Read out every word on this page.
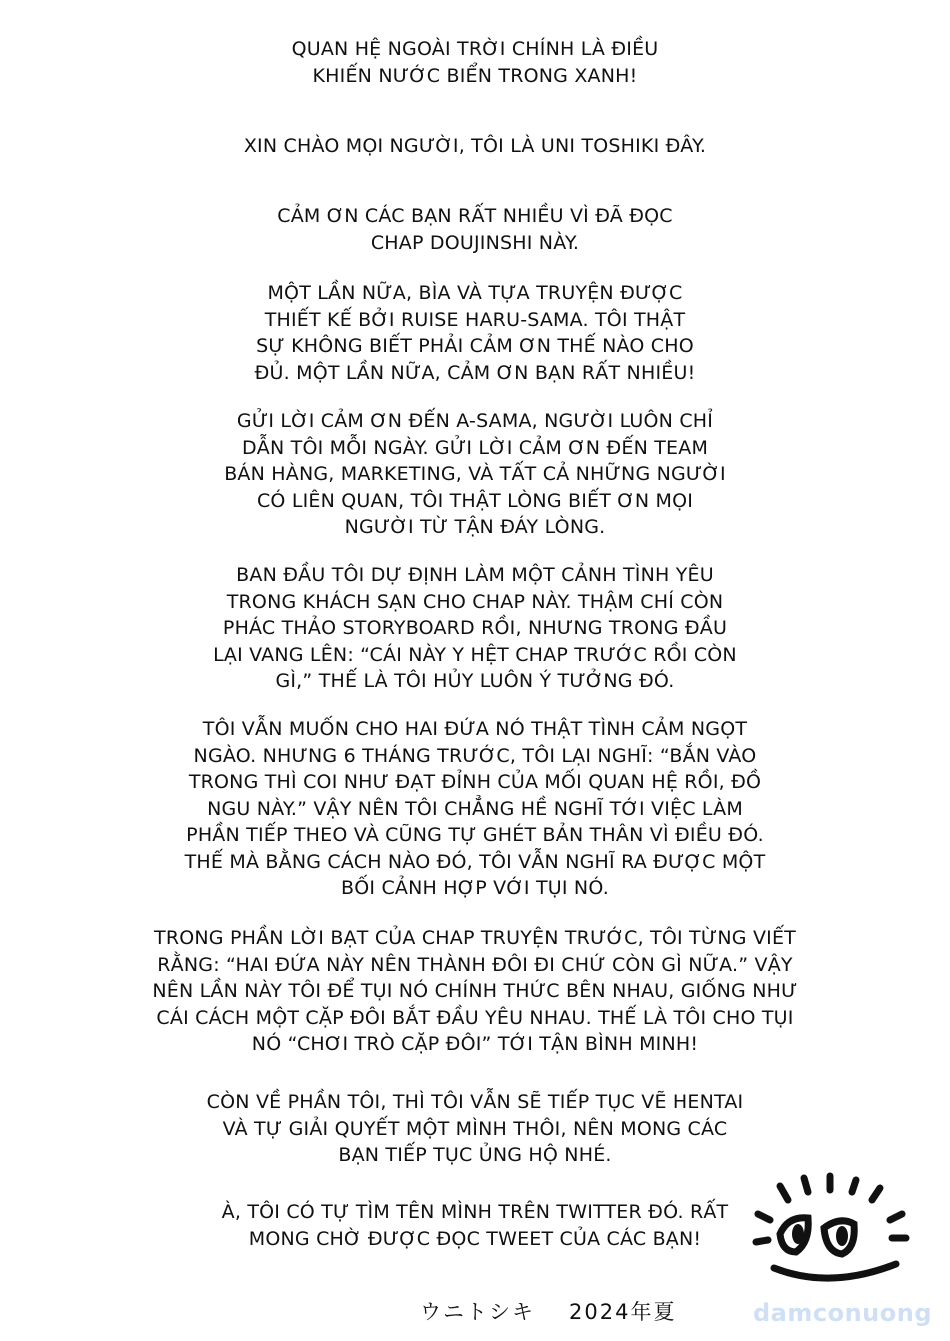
QUAN HỆ NGOÀI TRỜI CHÍNH LÀ ĐIỀU
KHIẾN NƯỚC BIỂN TRONG XANH!
XIN CHÀO MỌI NGƯỜI, TÔI LÀ UNI TOSHIKI ĐÂY.
CẢM ƠN CÁC BẠN RẤT NHIỀU VÌ ĐÃ ĐỌC
CHAP DOUJINSHI NÀY.
MỘT LẦN NỮA, BÌA VÀ TỰA TRUYỆN ĐƯỢC
THIẾT KẾ BỞI RUISE HARU-SAMA. TÔI THẬT
SỰ KHÔNG BIẾT PHẢI CẢM ƠN THẾ NÀO CHO
ĐỦ. MỘT LẦN NỮA, CẢM ƠN BẠN RẤT NHIỀU!
GỬI LỜI CẢM ƠN ĐẾN A-SAMA, NGƯỜI LUÔN CHỈ
DẪN TÔI MỖI NGÀY. GỬI LỜI CẢM ƠN ĐẾN TEAM
BÁN HÀNG, MARKETING, VÀ TẤT CẢ NHỮNG NGƯỜI
CÓ LIÊN QUAN, TÔI THẬT LÒNG BIẾT ƠN MỌI
NGƯỜI TỪ TẬN ĐÁY LÒNG.
BAN ĐẦU TÔI DỰ ĐỊNH LÀM MỘT CẢNH TÌNH YÊU
TRONG KHÁCH SẠN CHO CHAP NÀY. THẬM CHÍ CÒN
PHÁC THẢO STORYBOARD RỒI, NHƯNG TRONG ĐẦU
LẠI VANG LÊN: “CÁI NÀY Y HỆT CHAP TRƯỚC RỒI CÒN
GÌ,” THẾ LÀ TÔI HỦY LUÔN Ý TƯỞNG ĐÓ.
TÔI VẪN MUỐN CHO HAI ĐỨA NÓ THẬT TÌNH CẢM NGỌT
NGÀO. NHƯNG 6 THÁNG TRƯỚC, TÔI LẠI NGHĨ: “BẮN VÀO
TRONG THÌ COI NHƯ ĐẠT ĐỈNH CỦA MỐI QUAN HỆ RỒI, ĐỒ
NGU NÀY.” VẬY NÊN TÔI CHẲNG HỀ NGHĨ TỚI VIỆC LÀM
PHẦN TIẾP THEO VÀ CŨNG TỰ GHÉT BẢN THÂN VÌ ĐIỀU ĐÓ.
THẾ MÀ BẰNG CÁCH NÀO ĐÓ, TÔI VẪN NGHĨ RA ĐƯỢC MỘT
BỐI CẢNH HỢP VỚI TỤI NÓ.
TRONG PHẦN LỜI BẠT CỦA CHAP TRUYỆN TRƯỚC, TÔI TỪNG VIẾT
RẰNG: “HAI ĐỨA NÀY NÊN THÀNH ĐÔI ĐI CHỨ CÒN GÌ NỮA.” VẬY
NÊN LẦN NÀY TÔI ĐỂ TỤI NÓ CHÍNH THỨC BÊN NHAU, GIỐNG NHƯ
CÁI CÁCH MỘT CẶP ĐÔI BẮT ĐẦU YÊU NHAU. THẾ LÀ TÔI CHO TỤI
NÓ “CHƠI TRÒ CẶP ĐÔI” TỚI TẬN BÌNH MINH!
CÒN VỀ PHẦN TÔI, THÌ TÔI VẪN SẼ TIẾP TỤC VẼ HENTAI
VÀ TỰ GIẢI QUYẾT MỘT MÌNH THÔI, NÊN MONG CÁC
BẠN TIẾP TỤC ỦNG HỘ NHÉ.
À, TÔI CÓ TỰ TÌM TÊN MÌNH TRÊN TWITTER ĐÓ. RẤT
MONG CHỜ ĐƯỢC ĐỌC TWEET CỦA CÁC BẠN!
ウニトシキ 2024年夏	damconuong
